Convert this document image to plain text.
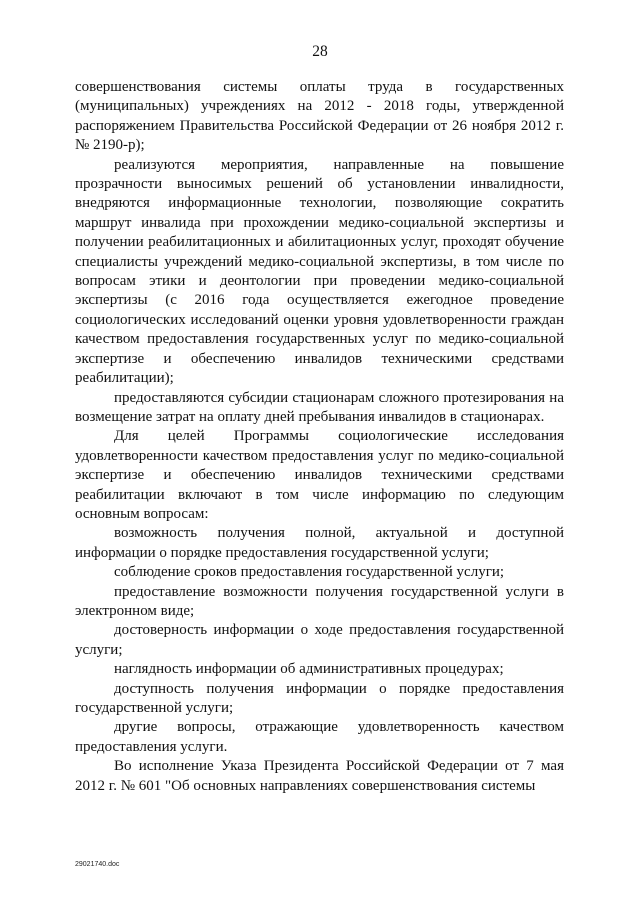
28

совершенствования системы оплаты труда в государственных (муниципальных) учреждениях на 2012 - 2018 годы, утвержденной распоряжением Правительства Российской Федерации от 26 ноября 2012 г. № 2190-р);

реализуются мероприятия, направленные на повышение прозрачности выносимых решений об установлении инвалидности, внедряются информационные технологии, позволяющие сократить маршрут инвалида при прохождении медико-социальной экспертизы и получении реабилитационных и абилитационных услуг, проходят обучение специалисты учреждений медико-социальной экспертизы, в том числе по вопросам этики и деонтологии при проведении медико-социальной экспертизы (с 2016 года осуществляется ежегодное проведение социологических исследований оценки уровня удовлетворенности граждан качеством предоставления государственных услуг по медико-социальной экспертизе и обеспечению инвалидов техническими средствами реабилитации);

предоставляются субсидии стационарам сложного протезирования на возмещение затрат на оплату дней пребывания инвалидов в стационарах.

Для целей Программы социологические исследования удовлетворенности качеством предоставления услуг по медико-социальной экспертизе и обеспечению инвалидов техническими средствами реабилитации включают в том числе информацию по следующим основным вопросам:

возможность получения полной, актуальной и доступной информации о порядке предоставления государственной услуги;

соблюдение сроков предоставления государственной услуги;

предоставление возможности получения государственной услуги в электронном виде;

достоверность информации о ходе предоставления государственной услуги;

наглядность информации об административных процедурах;

доступность получения информации о порядке предоставления государственной услуги;

другие вопросы, отражающие удовлетворенность качеством предоставления услуги.

Во исполнение Указа Президента Российской Федерации от 7 мая 2012 г. № 601 "Об основных направлениях совершенствования системы

29021740.doc
